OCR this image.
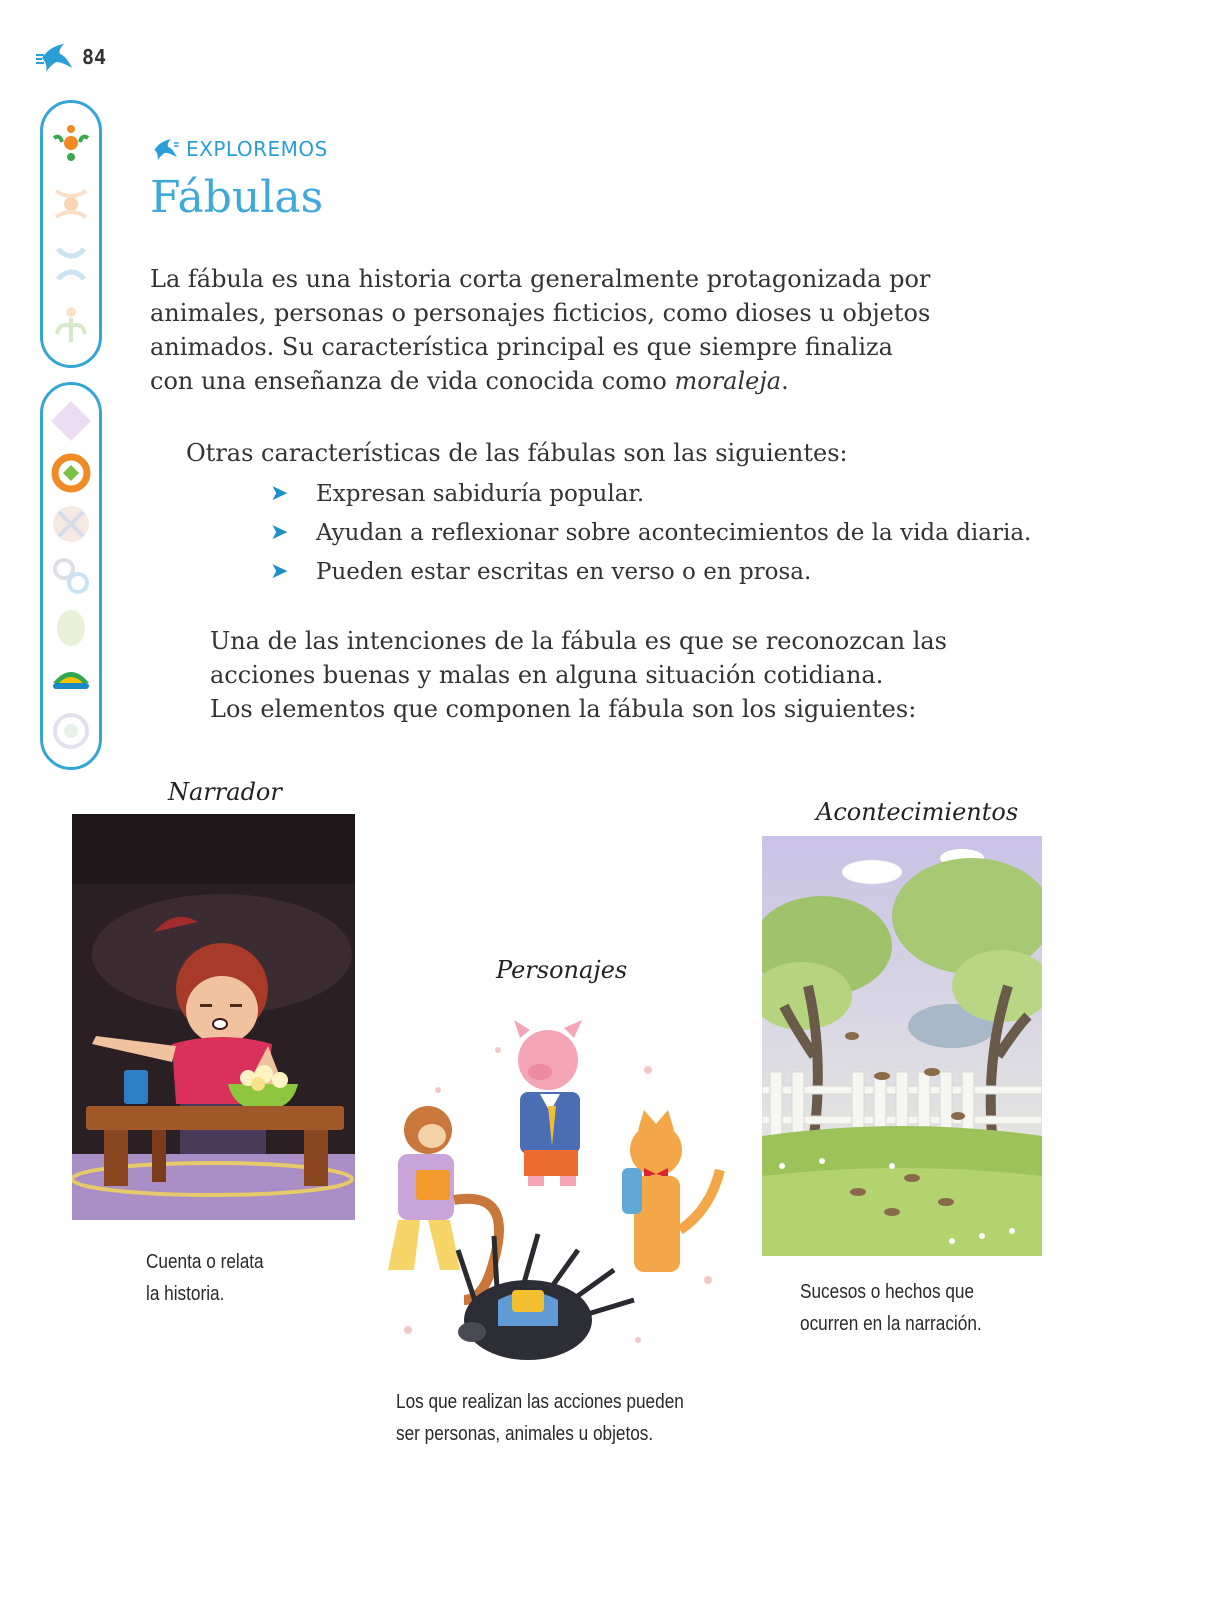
84
EXPLOREMOS
Fábulas

La fábula es una historia corta generalmente protagonizada por animales, personas o personajes ficticios, como dioses u objetos animados. Su característica principal es que siempre finaliza con una enseñanza de vida conocida como moraleja.

Otras características de las fábulas son las siguientes:

➤	Expresan sabiduría popular.
➤	Ayudan a reflexionar sobre acontecimientos de la vida diaria.
➤	Pueden estar escritas en verso o en prosa.
Una de las intenciones de la fábula es que se reconozcan las
acciones buenas y malas en alguna situación cotidiana.
Los elementos que componen la fábula son los siguientes:
Narrador
Cuenta o relata
la historia.
Personajes
Los que realizan las acciones pueden
ser personas, animales u objetos.
Acontecimientos
Sucesos o hechos que
ocurren en la narración.
